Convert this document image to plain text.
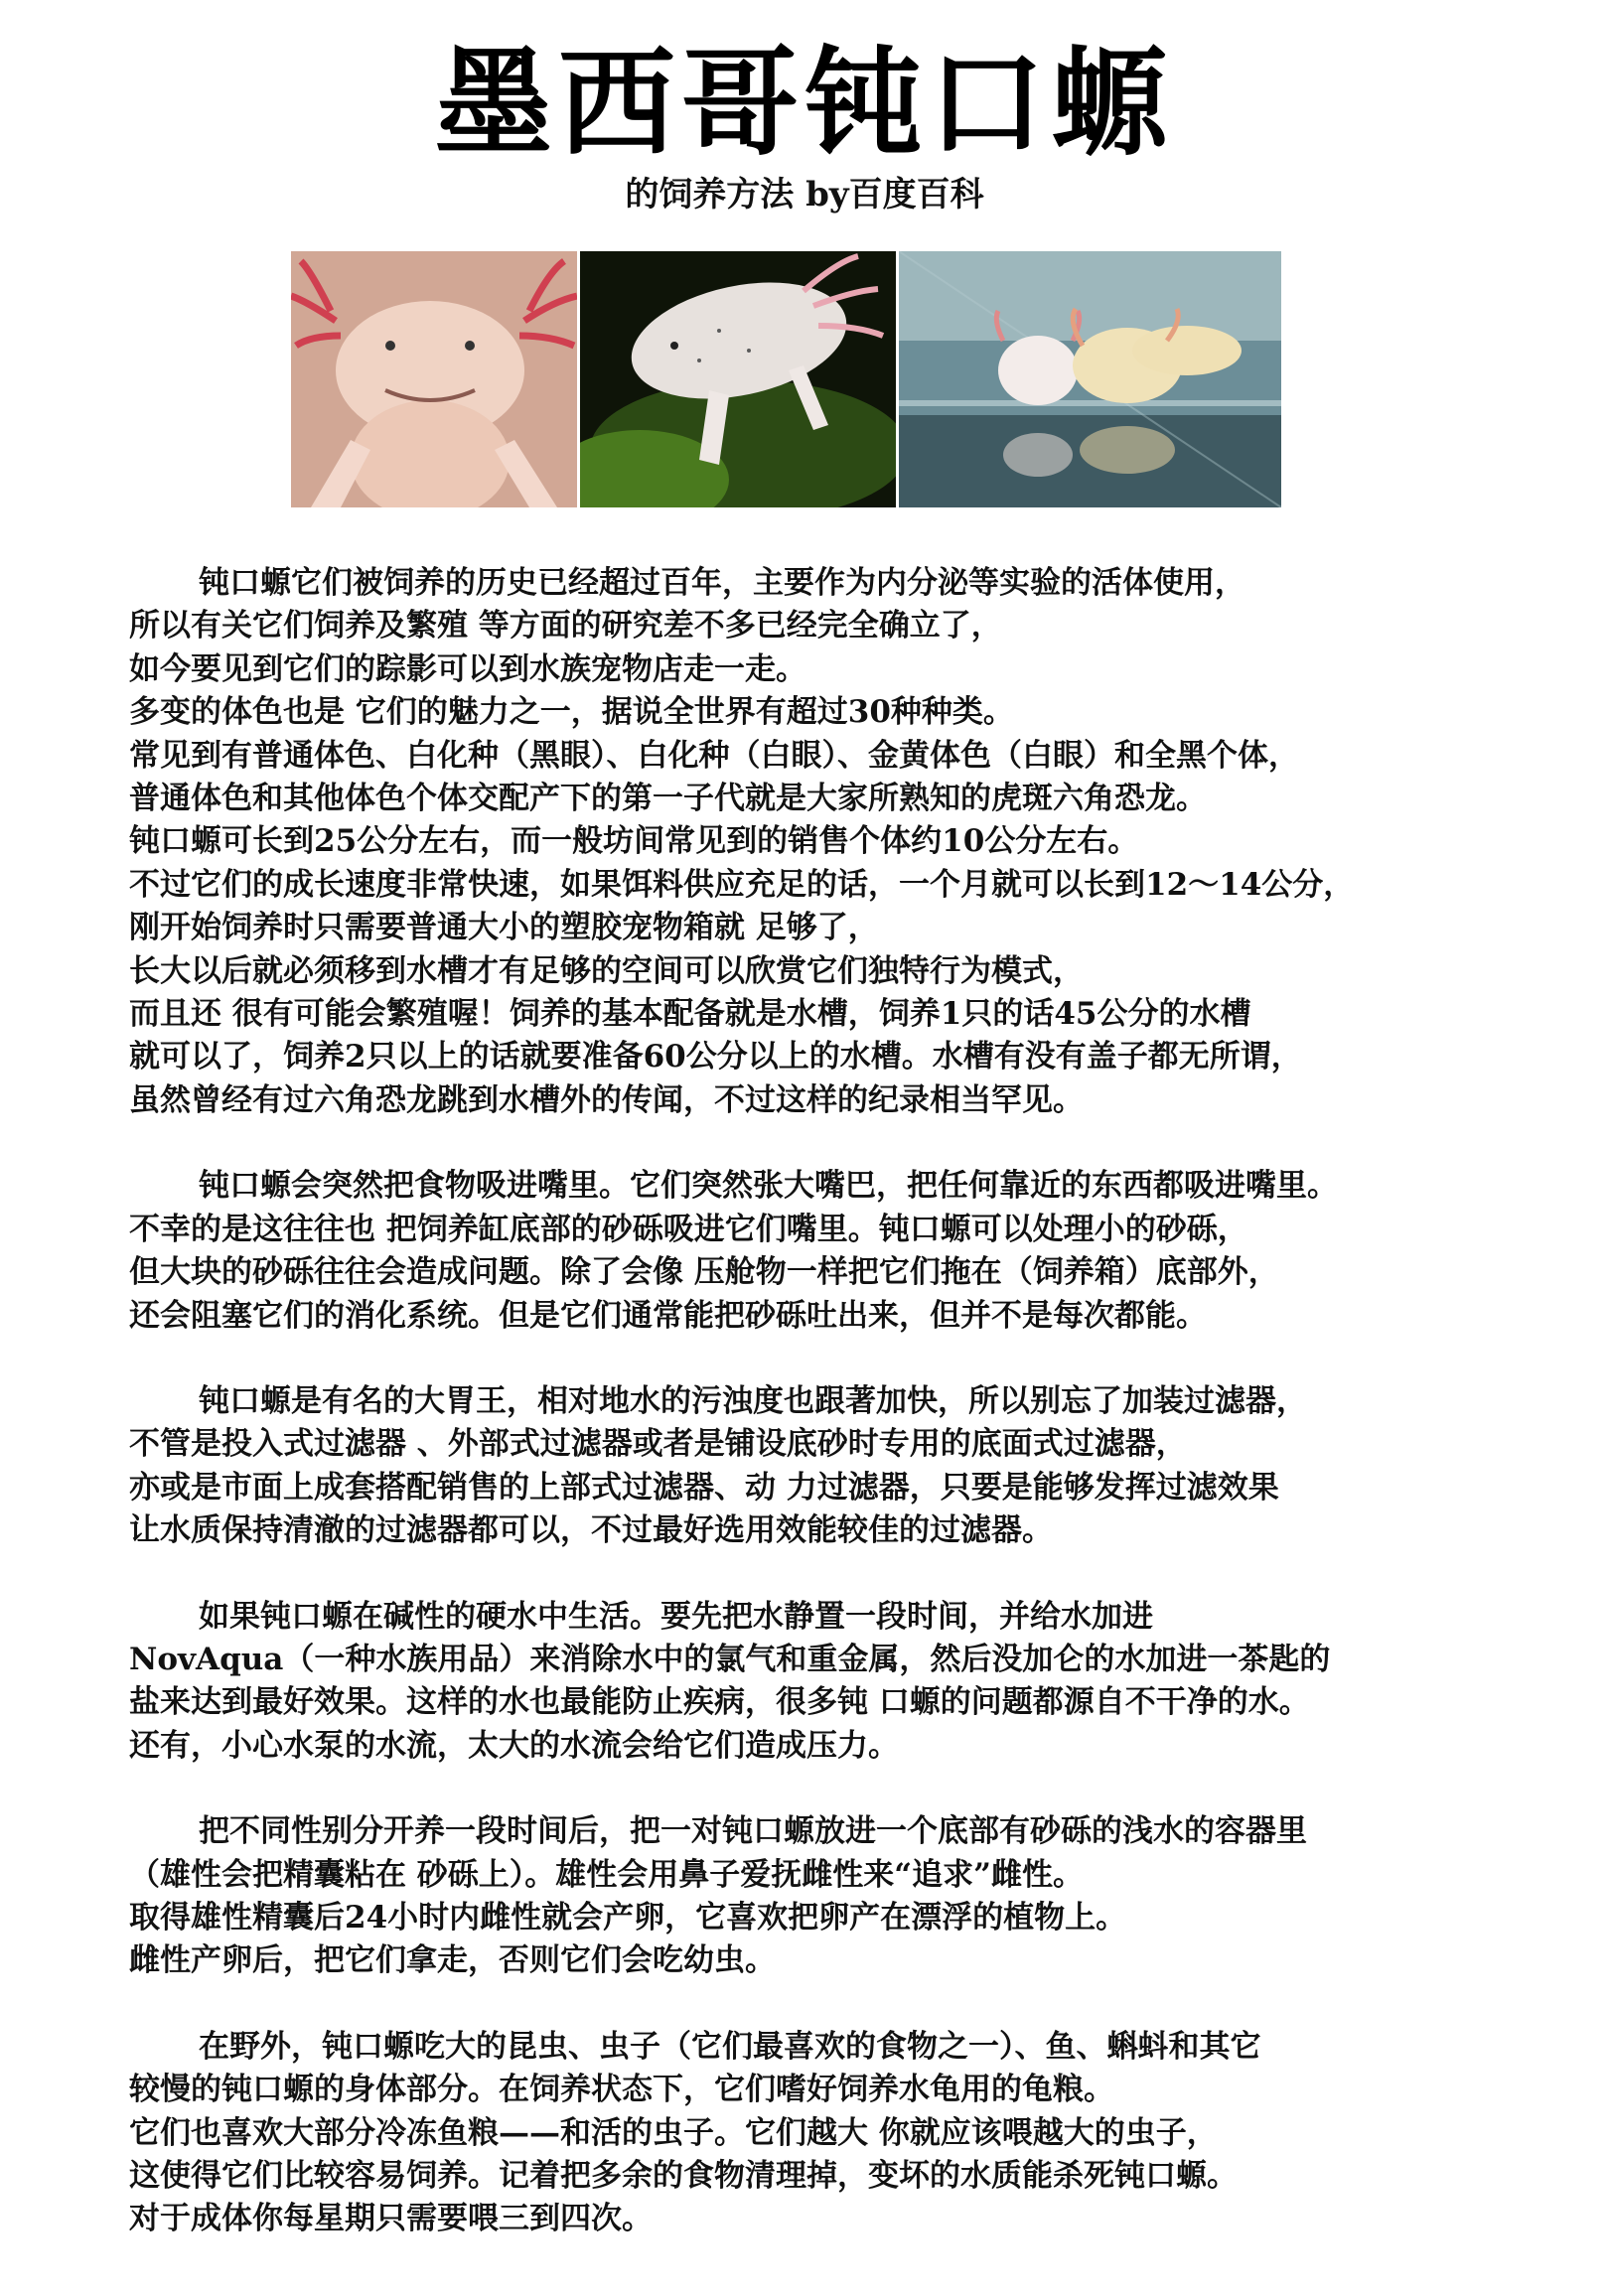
墨西哥钝口螈
的饲养方法 by百度百科
钝口螈它们被饲养的历史已经超过百年，主要作为内分泌等实验的活体使用，
所以有关它们饲养及繁殖 等方面的研究差不多已经完全确立了，
如今要见到它们的踪影可以到水族宠物店走一走。
多变的体色也是 它们的魅力之一，据说全世界有超过30种种类。
常见到有普通体色、白化种（黑眼）、白化种（白眼）、金黄体色（白眼）和全黑个体，
普通体色和其他体色个体交配产下的第一子代就是大家所熟知的虎斑六角恐龙。
钝口螈可长到25公分左右，而一般坊间常见到的销售个体约10公分左右。
不过它们的成长速度非常快速，如果饵料供应充足的话，一个月就可以长到12～14公分，
刚开始饲养时只需要普通大小的塑胶宠物箱就 足够了，
长大以后就必须移到水槽才有足够的空间可以欣赏它们独特行为模式，
而且还 很有可能会繁殖喔！饲养的基本配备就是水槽，饲养1只的话45公分的水槽
就可以了，饲养2只以上的话就要准备60公分以上的水槽。水槽有没有盖子都无所谓，
虽然曾经有过六角恐龙跳到水槽外的传闻，不过这样的纪录相当罕见。
钝口螈会突然把食物吸进嘴里。它们突然张大嘴巴，把任何靠近的东西都吸进嘴里。
不幸的是这往往也 把饲养缸底部的砂砾吸进它们嘴里。钝口螈可以处理小的砂砾，
但大块的砂砾往往会造成问题。除了会像 压舱物一样把它们拖在（饲养箱）底部外，
还会阻塞它们的消化系统。但是它们通常能把砂砾吐出来，但并不是每次都能。
钝口螈是有名的大胃王，相对地水的污浊度也跟著加快，所以别忘了加装过滤器，
不管是投入式过滤器 、外部式过滤器或者是铺设底砂时专用的底面式过滤器，
亦或是市面上成套搭配销售的上部式过滤器、动 力过滤器，只要是能够发挥过滤效果
让水质保持清澈的过滤器都可以，不过最好选用效能较佳的过滤器。
如果钝口螈在碱性的硬水中生活。要先把水静置一段时间，并给水加进
NovAqua（一种水族用品）来消除水中的氯气和重金属，然后没加仑的水加进一茶匙的
盐来达到最好效果。这样的水也最能防止疾病，很多钝 口螈的问题都源自不干净的水。
还有，小心水泵的水流，太大的水流会给它们造成压力。
把不同性别分开养一段时间后，把一对钝口螈放进一个底部有砂砾的浅水的容器里
（雄性会把精囊粘在 砂砾上）。雄性会用鼻子爱抚雌性来“追求”雌性。
取得雄性精囊后24小时内雌性就会产卵，它喜欢把卵产在漂浮的植物上。
雌性产卵后，把它们拿走，否则它们会吃幼虫。
在野外，钝口螈吃大的昆虫、虫子（它们最喜欢的食物之一）、鱼、蝌蚪和其它
较慢的钝口螈的身体部分。在饲养状态下，它们嗜好饲养水龟用的龟粮。
它们也喜欢大部分冷冻鱼粮——和活的虫子。它们越大 你就应该喂越大的虫子，
这使得它们比较容易饲养。记着把多余的食物清理掉，变坏的水质能杀死钝口螈。
对于成体你每星期只需要喂三到四次。
